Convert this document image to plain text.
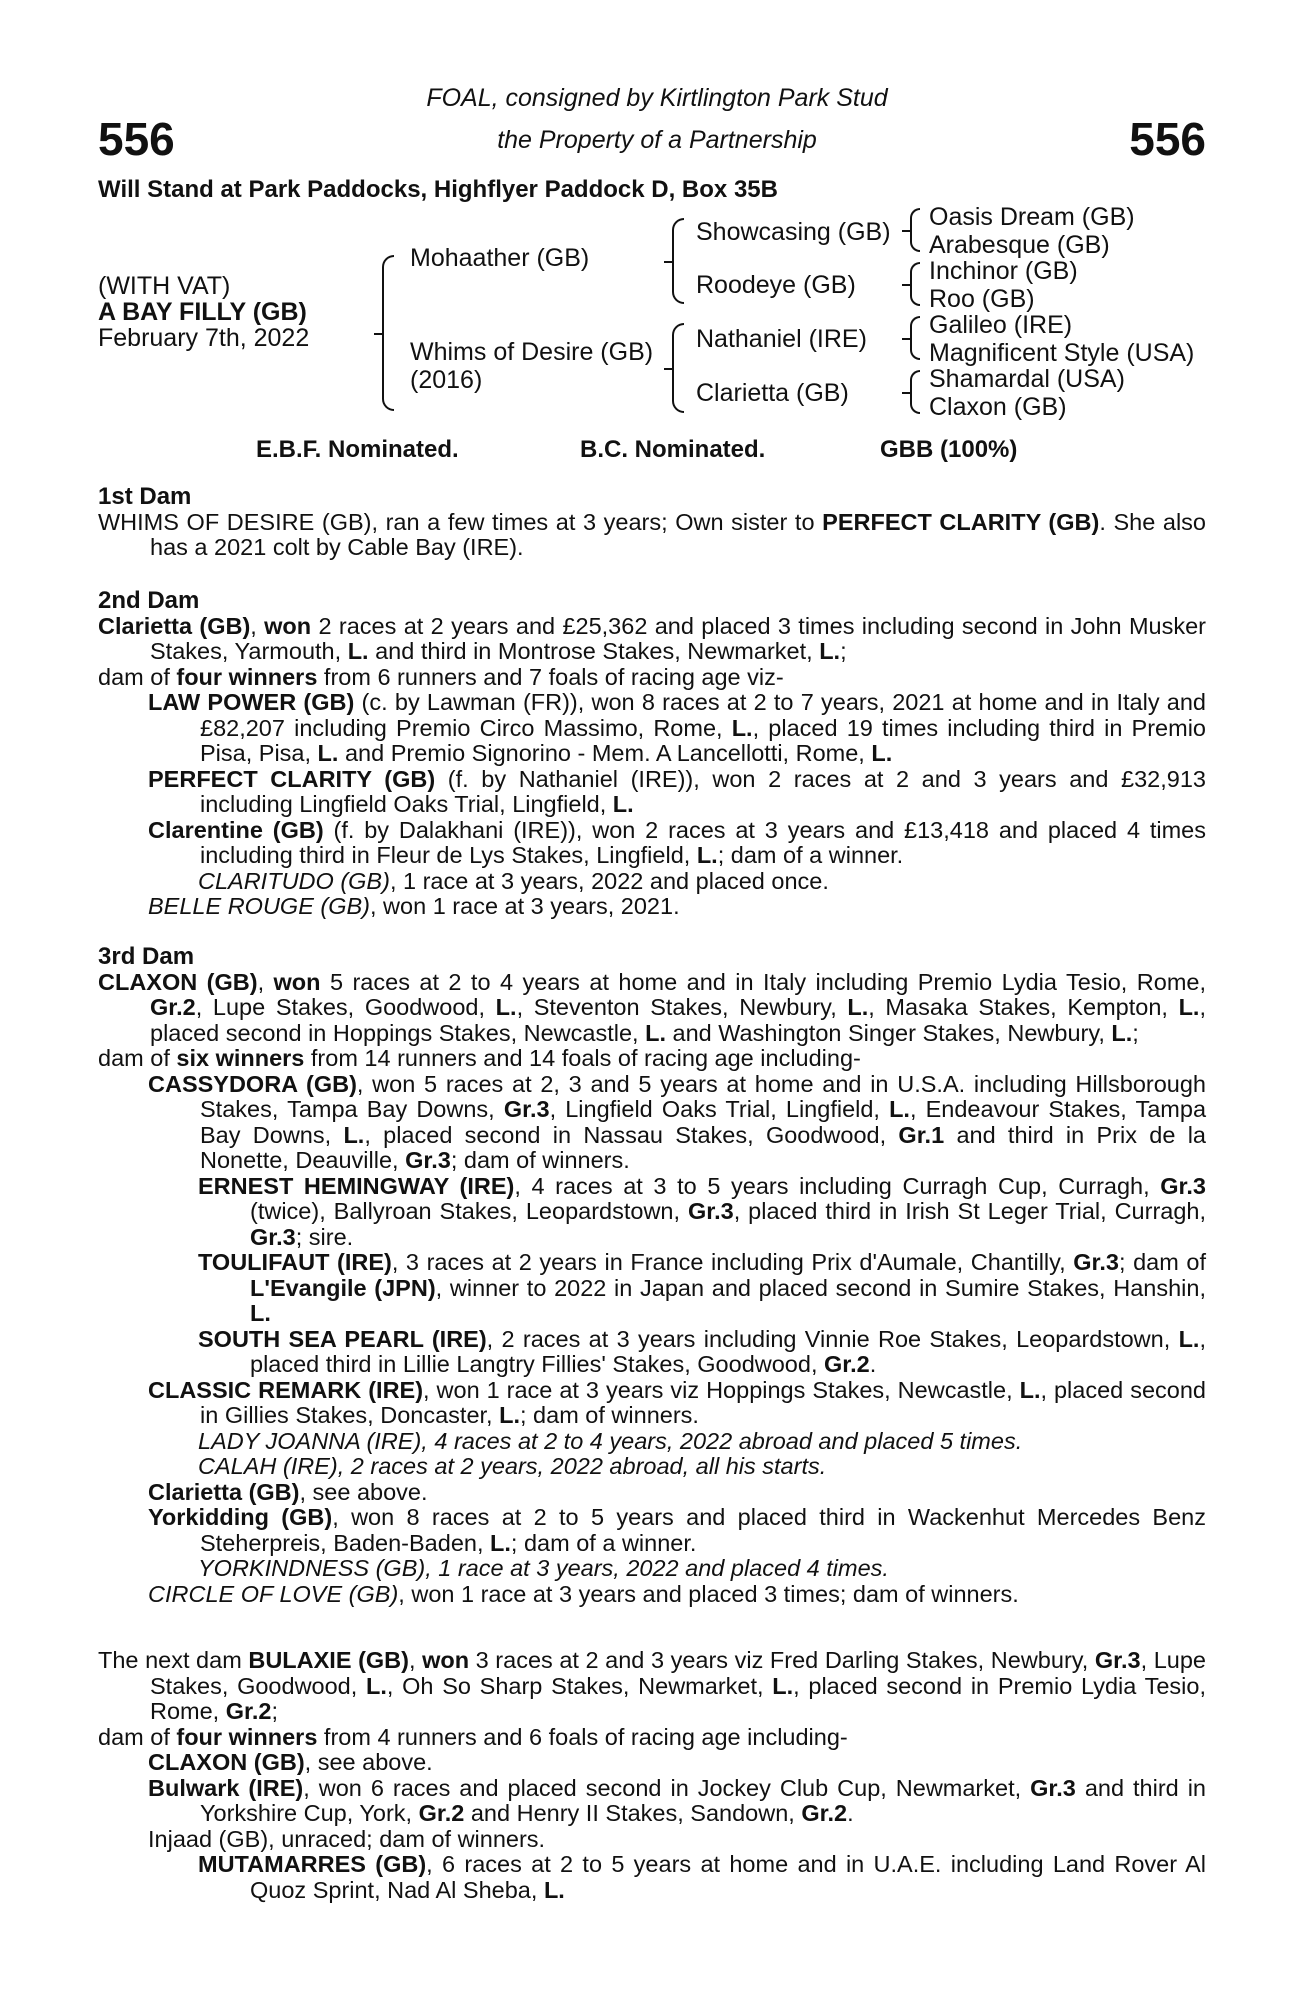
556	556
FOAL, consigned by Kirtlington Park Stud
the Property of a Partnership
Will Stand at Park Paddocks, Highflyer Paddock D, Box 35B
(WITH VAT)
A BAY FILLY (GB)
February 7th, 2022
Mohaather (GB)
Whims of Desire (GB)
(2016)
Showcasing (GB)
Roodeye (GB)
Nathaniel (IRE)
Clarietta (GB)
Oasis Dream (GB)
Arabesque (GB)
Inchinor (GB)
Roo (GB)
Galileo (IRE)
Magnificent Style (USA)
Shamardal (USA)
Claxon (GB)
E.B.F. Nominated.	B.C. Nominated.	GBB (100%)
1st Dam

WHIMS OF DESIRE (GB), ran a few times at 3 years; Own sister to PERFECT CLARITY (GB). She also has a 2021 colt by Cable Bay (IRE).

2nd Dam

Clarietta (GB), won 2 races at 2 years and £25,362 and placed 3 times including second in John Musker Stakes, Yarmouth, L. and third in Montrose Stakes, Newmarket, L.;

dam of four winners from 6 runners and 7 foals of racing age viz-

LAW POWER (GB) (c. by Lawman (FR)), won 8 races at 2 to 7 years, 2021 at home and in Italy and £82,207 including Premio Circo Massimo, Rome, L., placed 19 times including third in Premio Pisa, Pisa, L. and Premio Signorino - Mem. A Lancellotti, Rome, L.

PERFECT CLARITY (GB) (f. by Nathaniel (IRE)), won 2 races at 2 and 3 years and £32,913 including Lingfield Oaks Trial, Lingfield, L.

Clarentine (GB) (f. by Dalakhani (IRE)), won 2 races at 3 years and £13,418 and placed 4 times including third in Fleur de Lys Stakes, Lingfield, L.; dam of a winner.

CLARITUDO (GB), 1 race at 3 years, 2022 and placed once.

BELLE ROUGE (GB), won 1 race at 3 years, 2021.

3rd Dam

CLAXON (GB), won 5 races at 2 to 4 years at home and in Italy including Premio Lydia Tesio, Rome, Gr.2, Lupe Stakes, Goodwood, L., Steventon Stakes, Newbury, L., Masaka Stakes, Kempton, L., placed second in Hoppings Stakes, Newcastle, L. and Washington Singer Stakes, Newbury, L.;

dam of six winners from 14 runners and 14 foals of racing age including-

CASSYDORA (GB), won 5 races at 2, 3 and 5 years at home and in U.S.A. including Hillsborough Stakes, Tampa Bay Downs, Gr.3, Lingfield Oaks Trial, Lingfield, L., Endeavour Stakes, Tampa Bay Downs, L., placed second in Nassau Stakes, Goodwood, Gr.1 and third in Prix de la Nonette, Deauville, Gr.3; dam of winners.

ERNEST HEMINGWAY (IRE), 4 races at 3 to 5 years including Curragh Cup, Curragh, Gr.3 (twice), Ballyroan Stakes, Leopardstown, Gr.3, placed third in Irish St Leger Trial, Curragh, Gr.3; sire.

TOULIFAUT (IRE), 3 races at 2 years in France including Prix d'Aumale, Chantilly, Gr.3; dam of L'Evangile (JPN), winner to 2022 in Japan and placed second in Sumire Stakes, Hanshin, L.

SOUTH SEA PEARL (IRE), 2 races at 3 years including Vinnie Roe Stakes, Leopardstown, L., placed third in Lillie Langtry Fillies' Stakes, Goodwood, Gr.2.

CLASSIC REMARK (IRE), won 1 race at 3 years viz Hoppings Stakes, Newcastle, L., placed second in Gillies Stakes, Doncaster, L.; dam of winners.

LADY JOANNA (IRE), 4 races at 2 to 4 years, 2022 abroad and placed 5 times.

CALAH (IRE), 2 races at 2 years, 2022 abroad, all his starts.

Clarietta (GB), see above.

Yorkidding (GB), won 8 races at 2 to 5 years and placed third in Wackenhut Mercedes Benz Steherpreis, Baden-Baden, L.; dam of a winner.

YORKINDNESS (GB), 1 race at 3 years, 2022 and placed 4 times.

CIRCLE OF LOVE (GB), won 1 race at 3 years and placed 3 times; dam of winners.

The next dam BULAXIE (GB), won 3 races at 2 and 3 years viz Fred Darling Stakes, Newbury, Gr.3, Lupe Stakes, Goodwood, L., Oh So Sharp Stakes, Newmarket, L., placed second in Premio Lydia Tesio, Rome, Gr.2;

dam of four winners from 4 runners and 6 foals of racing age including-

CLAXON (GB), see above.

Bulwark (IRE), won 6 races and placed second in Jockey Club Cup, Newmarket, Gr.3 and third in Yorkshire Cup, York, Gr.2 and Henry II Stakes, Sandown, Gr.2.

Injaad (GB), unraced; dam of winners.

MUTAMARRES (GB), 6 races at 2 to 5 years at home and in U.A.E. including Land Rover Al Quoz Sprint, Nad Al Sheba, L.
